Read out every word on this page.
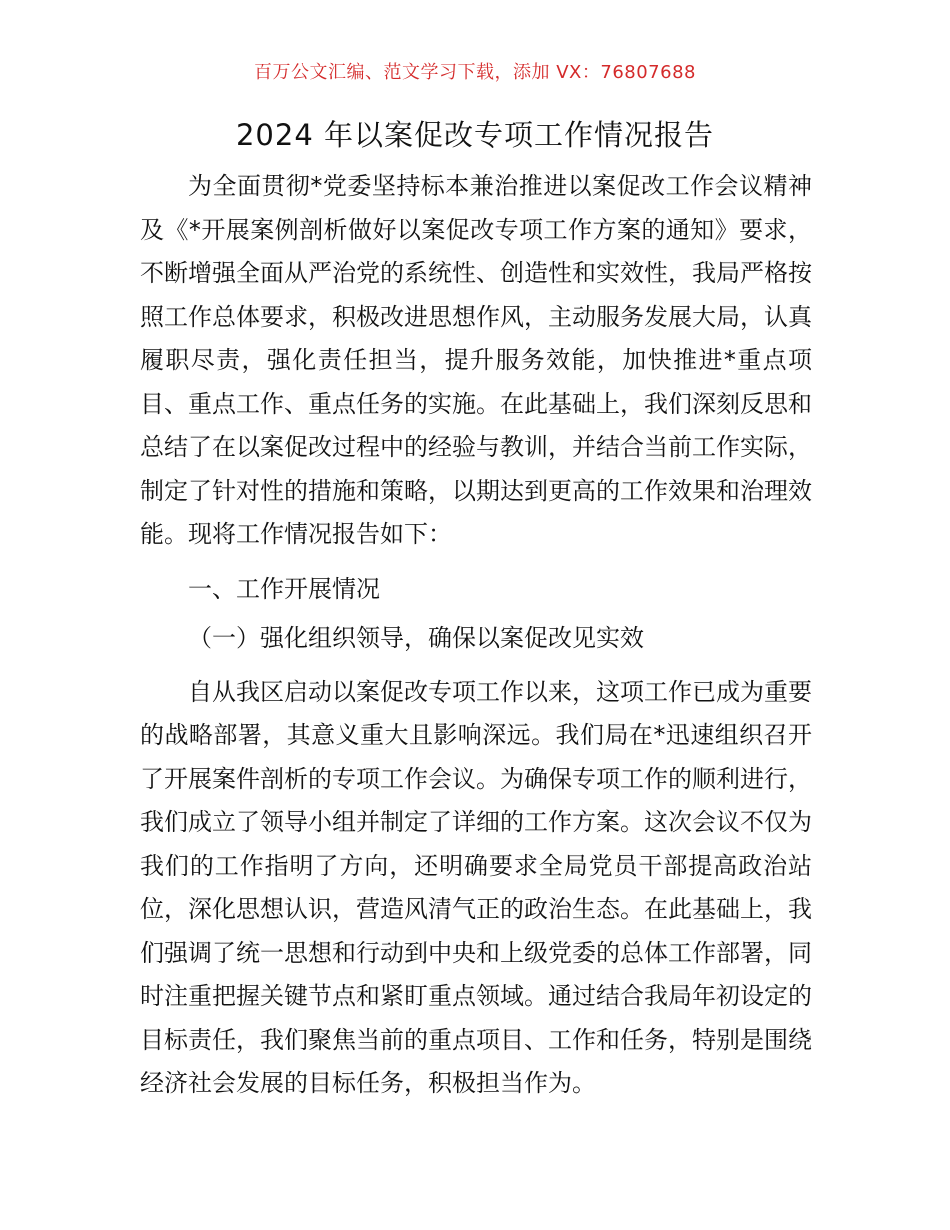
百万公文汇编、范文学习下载，添加 VX：76807688
2024 年以案促改专项工作情况报告

为全面贯彻*党委坚持标本兼治推进以案促改工作会议精神及《*开展案例剖析做好以案促改专项工作方案的通知》要求，不断增强全面从严治党的系统性、创造性和实效性，我局严格按照工作总体要求，积极改进思想作风，主动服务发展大局，认真履职尽责，强化责任担当，提升服务效能，加快推进*重点项目、重点工作、重点任务的实施。在此基础上，我们深刻反思和总结了在以案促改过程中的经验与教训，并结合当前工作实际，制定了针对性的措施和策略，以期达到更高的工作效果和治理效能。现将工作情况报告如下：

一、工作开展情况

（一）强化组织领导，确保以案促改见实效

自从我区启动以案促改专项工作以来，这项工作已成为重要的战略部署，其意义重大且影响深远。我们局在*迅速组织召开了开展案件剖析的专项工作会议。为确保专项工作的顺利进行，我们成立了领导小组并制定了详细的工作方案。这次会议不仅为我们的工作指明了方向，还明确要求全局党员干部提高政治站位，深化思想认识，营造风清气正的政治生态。在此基础上，我们强调了统一思想和行动到中央和上级党委的总体工作部署，同时注重把握关键节点和紧盯重点领域。通过结合我局年初设定的目标责任，我们聚焦当前的重点项目、工作和任务，特别是围绕经济社会发展的目标任务，积极担当作为。
